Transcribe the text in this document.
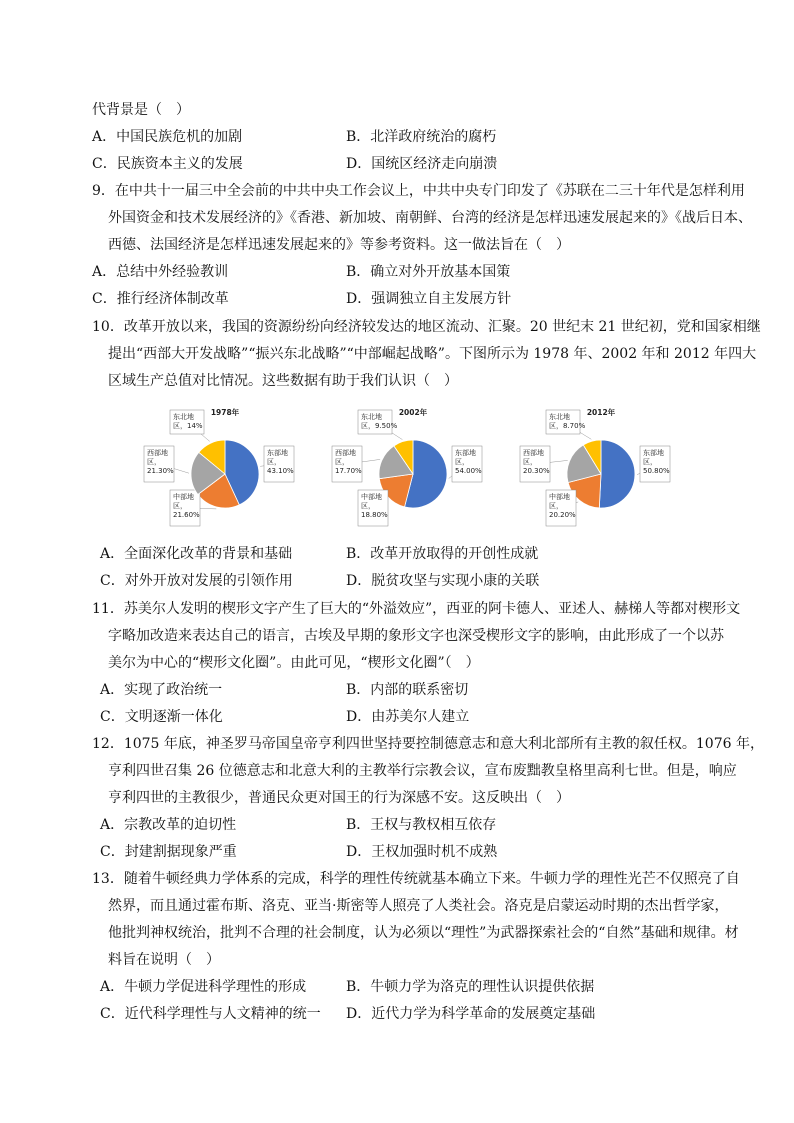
代背景是（　）
A．中国民族危机的加剧	B．北洋政府统治的腐朽
C．民族资本主义的发展	D．国统区经济走向崩溃
9．在中共十一届三中全会前的中共中央工作会议上，中共中央专门印发了《苏联在二三十年代是怎样利用
外国资金和技术发展经济的》《香港、新加坡、南朝鲜、台湾的经济是怎样迅速发展起来的》《战后日本、
西德、法国经济是怎样迅速发展起来的》等参考资料。这一做法旨在（　）
A．总结中外经验教训	B．确立对外开放基本国策
C．推行经济体制改革	D．强调独立自主发展方针
10．改革开放以来，我国的资源纷纷向经济较发达的地区流动、汇聚。20 世纪末 21 世纪初，党和国家相继
提出“西部大开发战略”“振兴东北战略”“中部崛起战略”。下图所示为 1978 年、2002 年和 2012 年四大
区域生产总值对比情况。这些数据有助于我们认识（　）
1978年
东部地
区，
43.10%
中部地
区，
21.60%
西部地
区，
21.30%
东北地
区，14%
2002年
东部地
区，
54.00%
中部地
区，
18.80%
西部地
区，
17.70%
东北地
区，9.50%
2012年
东部地
区，
50.80%
中部地
区，
20.20%
西部地
区，
20.30%
东北地
区，8.70%
A．全面深化改革的背景和基础	B．改革开放取得的开创性成就
C．对外开放对发展的引领作用	D．脱贫攻坚与实现小康的关联
11．苏美尔人发明的楔形文字产生了巨大的“外溢效应”，西亚的阿卡德人、亚述人、赫梯人等都对楔形文
字略加改造来表达自己的语言，古埃及早期的象形文字也深受楔形文字的影响，由此形成了一个以苏
美尔为中心的“楔形文化圈”。由此可见，“楔形文化圈”（　）
A．实现了政治统一	B．内部的联系密切
C．文明逐渐一体化	D．由苏美尔人建立
12．1075 年底，神圣罗马帝国皇帝亨利四世坚持要控制德意志和意大利北部所有主教的叙任权。1076 年，
亨利四世召集 26 位德意志和北意大利的主教举行宗教会议，宣布废黜教皇格里高利七世。但是，响应
亨利四世的主教很少，普通民众更对国王的行为深感不安。这反映出（　）
A．宗教改革的迫切性	B．王权与教权相互依存
C．封建割据现象严重	D．王权加强时机不成熟
13．随着牛顿经典力学体系的完成，科学的理性传统就基本确立下来。牛顿力学的理性光芒不仅照亮了自
然界，而且通过霍布斯、洛克、亚当·斯密等人照亮了人类社会。洛克是启蒙运动时期的杰出哲学家，
他批判神权统治，批判不合理的社会制度，认为必须以“理性”为武器探索社会的“自然”基础和规律。材
料旨在说明（　）
A．牛顿力学促进科学理性的形成	B．牛顿力学为洛克的理性认识提供依据
C．近代科学理性与人文精神的统一 D．近代力学为科学革命的发展奠定基础
